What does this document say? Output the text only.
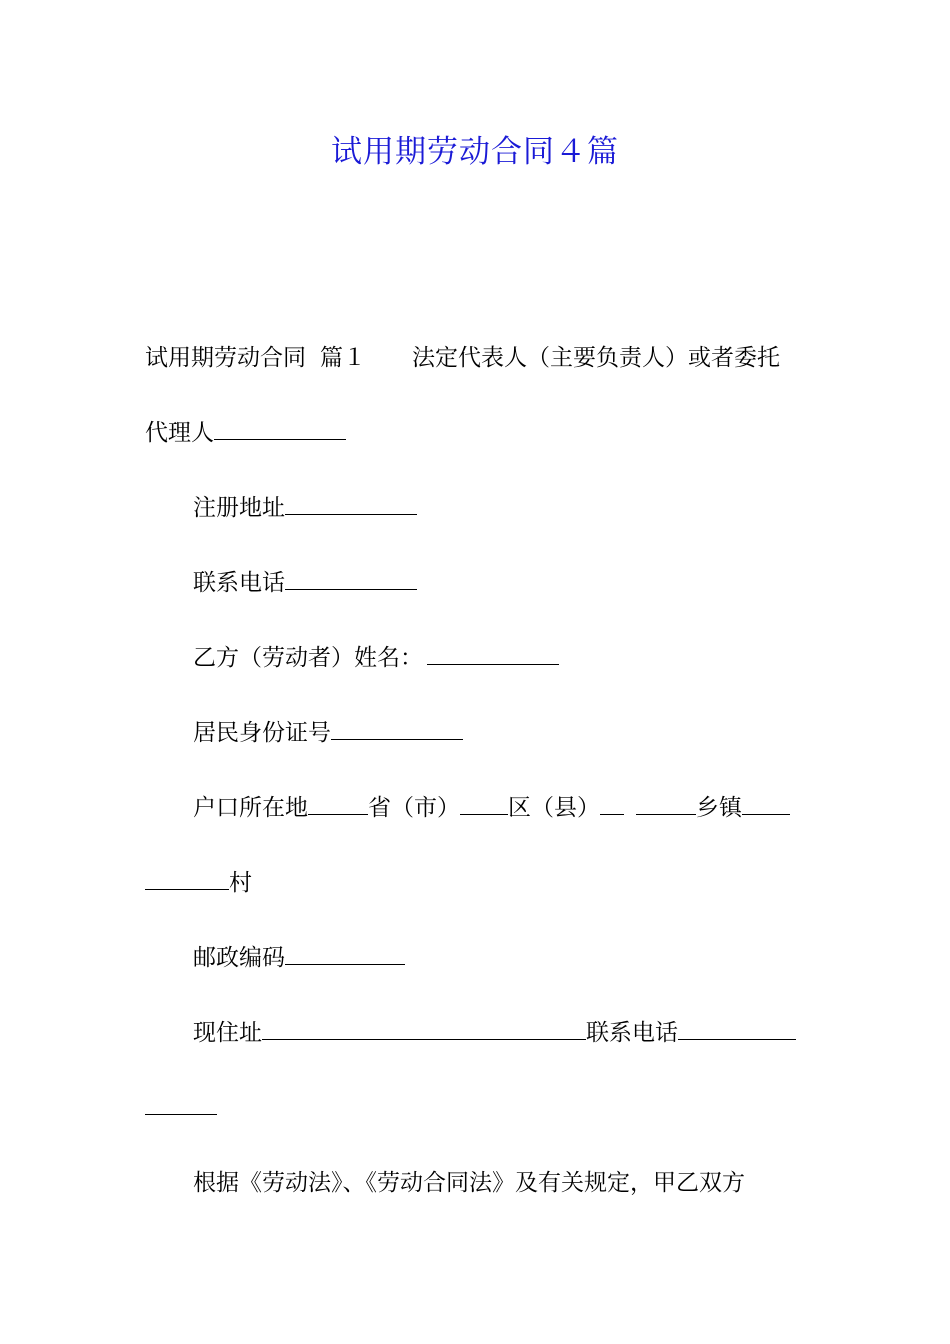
试用期劳动合同４篇

试用期劳动合同 篇１ 法定代表人（主要负责人）或者委托

代理人

注册地址

联系电话

乙方（劳动者）姓名：

居民身份证号

户口所在地	省（市） 区（县）	乡镇

村

邮政编码

现住址	联系电话

根据《劳动法》、《劳动合同法》及有关规定，甲乙双方
